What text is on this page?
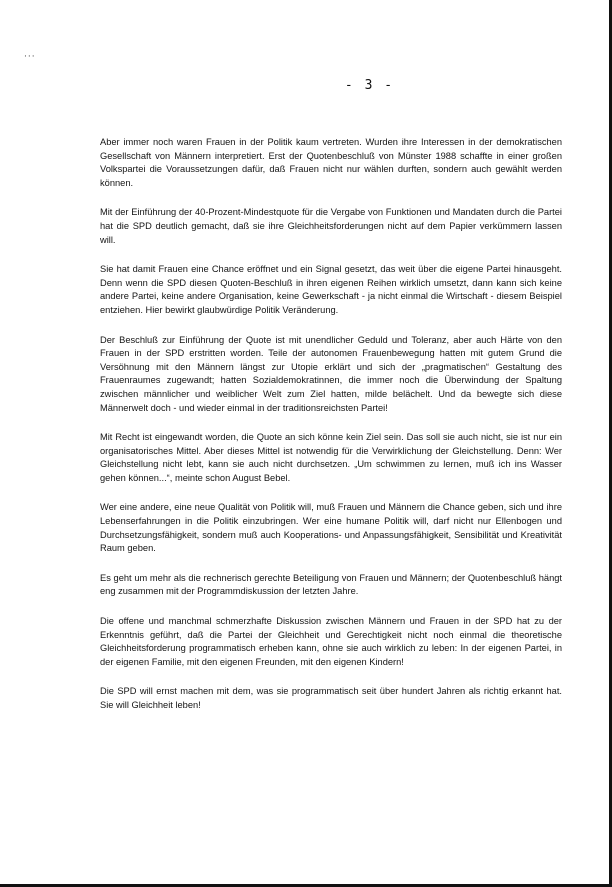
···
- 3 -

Aber immer noch waren Frauen in der Politik kaum vertreten. Wurden ihre Interessen in der demokratischen Gesellschaft von Männern interpretiert. Erst der Quotenbeschluß von Münster 1988 schaffte in einer großen Volkspartei die Voraussetzungen dafür, daß Frauen nicht nur wählen durften, sondern auch gewählt werden können.

Mit der Einführung der 40-Prozent-Mindestquote für die Vergabe von Funktionen und Mandaten durch die Partei hat die SPD deutlich gemacht, daß sie ihre Gleichheitsforderungen nicht auf dem Papier verkümmern lassen will.

Sie hat damit Frauen eine Chance eröffnet und ein Signal gesetzt, das weit über die eigene Partei hinausgeht. Denn wenn die SPD diesen Quoten-Beschluß in ihren eigenen Reihen wirklich umsetzt, dann kann sich keine andere Partei, keine andere Organisation, keine Gewerkschaft - ja nicht einmal die Wirtschaft - diesem Beispiel entziehen. Hier bewirkt glaubwürdige Politik Veränderung.

Der Beschluß zur Einführung der Quote ist mit unendlicher Geduld und Toleranz, aber auch Härte von den Frauen in der SPD erstritten worden. Teile der autonomen Frauenbewegung hatten mit gutem Grund die Versöhnung mit den Männern längst zur Utopie erklärt und sich der „pragmatischen“ Gestaltung des Frauenraumes zugewandt; hatten Sozialdemokratinnen, die immer noch die Überwindung der Spaltung zwischen männlicher und weiblicher Welt zum Ziel hatten, milde belächelt. Und da bewegte sich diese Männerwelt doch - und wieder einmal in der traditionsreichsten Partei!

Mit Recht ist eingewandt worden, die Quote an sich könne kein Ziel sein. Das soll sie auch nicht, sie ist nur ein organisatorisches Mittel. Aber dieses Mittel ist notwendig für die Verwirklichung der Gleichstellung. Denn: Wer Gleichstellung nicht lebt, kann sie auch nicht durchsetzen. „Um schwimmen zu lernen, muß ich ins Wasser gehen können...“, meinte schon August Bebel.

Wer eine andere, eine neue Qualität von Politik will, muß Frauen und Männern die Chance geben, sich und ihre Lebenserfahrungen in die Politik einzubringen. Wer eine humane Politik will, darf nicht nur Ellenbogen und Durchsetzungsfähigkeit, sondern muß auch Kooperations- und Anpassungsfähigkeit, Sensibilität und Kreativität Raum geben.

Es geht um mehr als die rechnerisch gerechte Beteiligung von Frauen und Männern; der Quotenbeschluß hängt eng zusammen mit der Programmdiskussion der letzten Jahre.

Die offene und manchmal schmerzhafte Diskussion zwischen Männern und Frauen in der SPD hat zu der Erkenntnis geführt, daß die Partei der Gleichheit und Gerechtigkeit nicht noch einmal die theoretische Gleichheitsforderung programmatisch erheben kann, ohne sie auch wirklich zu leben: In der eigenen Partei, in der eigenen Familie, mit den eigenen Freunden, mit den eigenen Kindern!

Die SPD will ernst machen mit dem, was sie programmatisch seit über hundert Jahren als richtig erkannt hat. Sie will Gleichheit leben!
